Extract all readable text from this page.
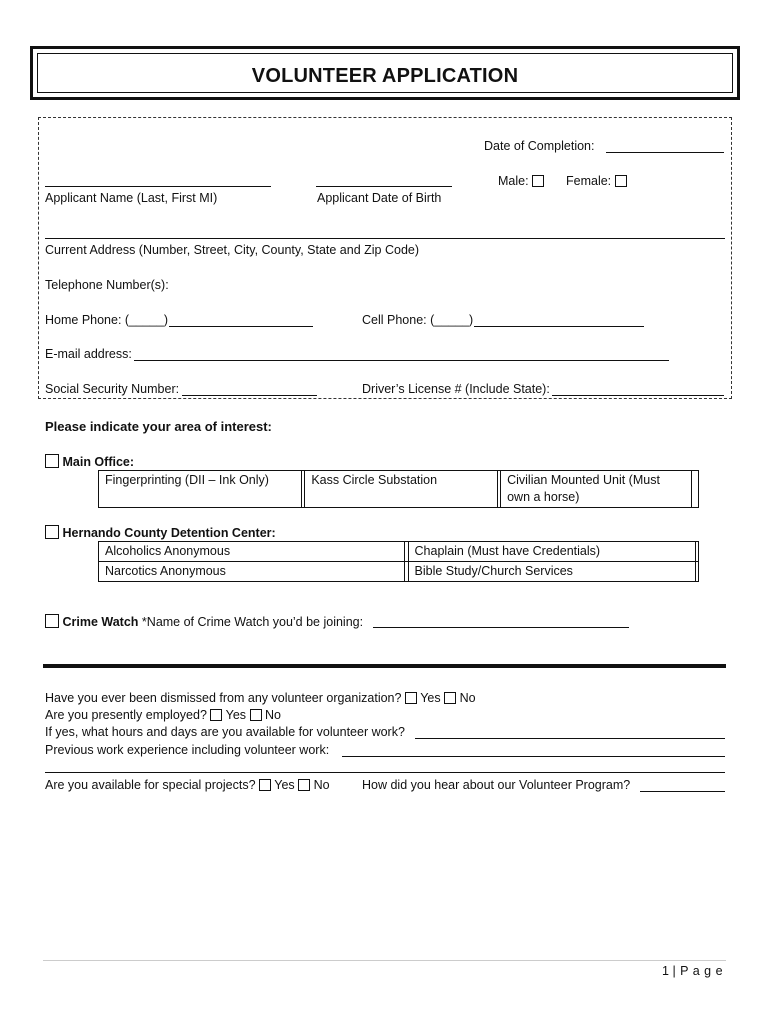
VOLUNTEER APPLICATION
Date of Completion:
Male:	Female:
Applicant Name (Last, First MI)	Applicant Date of Birth
Current Address (Number, Street, City, County, State and Zip Code)
Telephone Number(s):
Home Phone: (_____)	Cell Phone: (_____)
E-mail address:
Social Security Number:	Driver’s License # (Include State):
Please indicate your area of interest:
Main Office:
Fingerprinting (DII – Ink Only)		Kass Circle Substation		Civilian Mounted Unit (Must own a horse)	
Hernando County Detention Center:
Alcoholics Anonymous		Chaplain (Must have Credentials)	
Narcotics Anonymous		Bible Study/Church Services	
Crime Watch *Name of Crime Watch you’d be joining:
Have you ever been dismissed from any volunteer organization? Yes No
Are you presently employed? Yes No
If yes, what hours and days are you available for volunteer work?
Previous work experience including volunteer work:
Are you available for special projects? Yes No	How did you hear about our Volunteer Program?
1 | P a g e
